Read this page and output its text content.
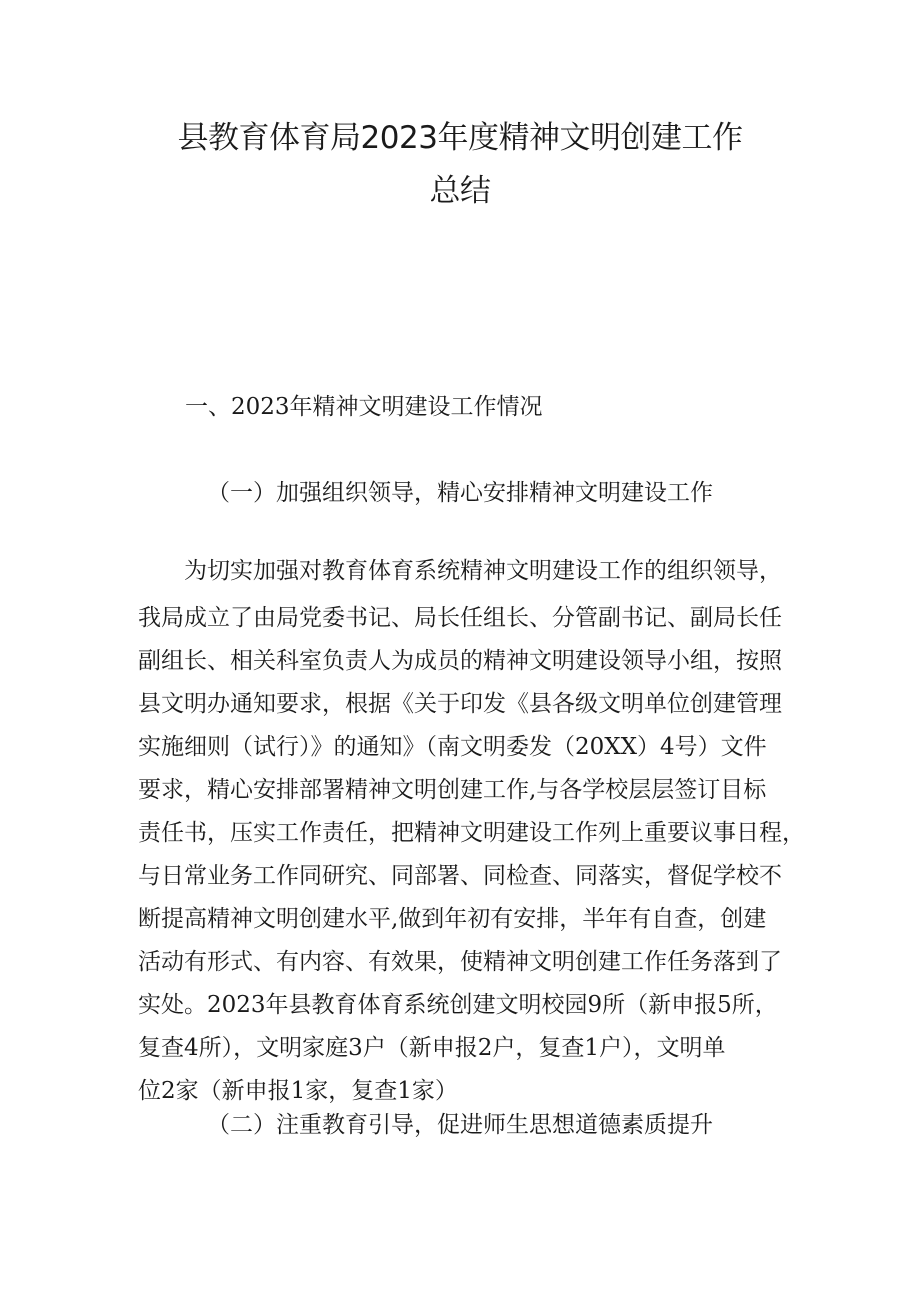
县教育体育局2023年度精神文明创建工作
总结
一、2023年精神文明建设工作情况
（一）加强组织领导，精心安排精神文明建设工作
为切实加强对教育体育系统精神文明建设工作的组织领导，
我局成立了由局党委书记、局长任组长、分管副书记、副局长任
副组长、相关科室负责人为成员的精神文明建设领导小组，按照
县文明办通知要求，根据《关于印发《县各级文明单位创建管理
实施细则（试行）》的通知》（南文明委发（20XX）4号）文件
要求，精心安排部署精神文明创建工作,与各学校层层签订目标
责任书，压实工作责任，把精神文明建设工作列上重要议事日程，
与日常业务工作同研究、同部署、同检查、同落实，督促学校不
断提高精神文明创建水平,做到年初有安排，半年有自查，创建
活动有形式、有内容、有效果，使精神文明创建工作任务落到了
实处。2023年县教育体育系统创建文明校园9所（新申报5所，
复查4所），文明家庭3户（新申报2户，复查1户），文明单
位2家（新申报1家，复查1家）
（二）注重教育引导，促进师生思想道德素质提升
